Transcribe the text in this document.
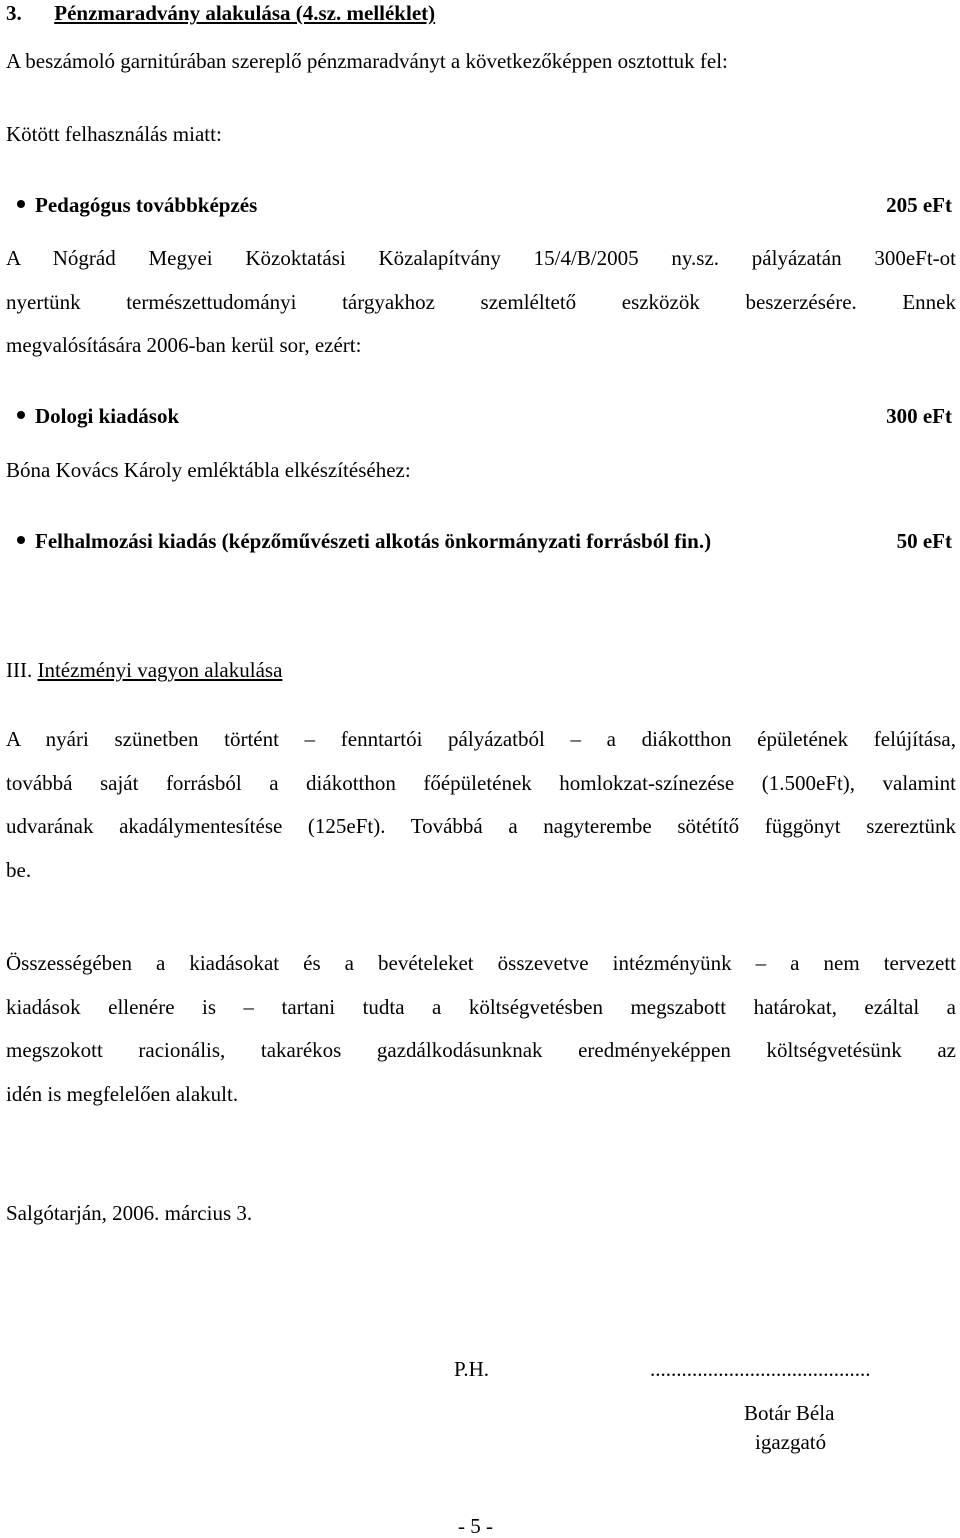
3. Pénzmaradvány alakulása (4.sz. melléklet)
A beszámoló garnitúrában szereplő pénzmaradványt a következőképpen osztottuk fel:
Kötött felhasználás miatt:
Pedagógus továbbképzés	205 eFt
A Nógrád Megyei Közoktatási Közalapítvány 15/4/B/2005 ny.sz. pályázatán 300eFt-ot
nyertünk természettudományi tárgyakhoz szemléltető eszközök beszerzésére. Ennek
megvalósítására 2006-ban kerül sor, ezért:
Dologi kiadások	300 eFt
Bóna Kovács Károly emléktábla elkészítéséhez:
Felhalmozási kiadás (képzőművészeti alkotás önkormányzati forrásból fin.)	50 eFt
III. Intézményi vagyon alakulása
A nyári szünetben történt – fenntartói pályázatból – a diákotthon épületének felújítása,
továbbá saját forrásból a diákotthon főépületének homlokzat-színezése (1.500eFt), valamint
udvarának akadálymentesítése (125eFt). Továbbá a nagyterembe sötétítő függönyt szereztünk
be.
Összességében a kiadásokat és a bevételeket összevetve intézményünk – a nem tervezett
kiadások ellenére is – tartani tudta a költségvetésben megszabott határokat, ezáltal a
megszokott racionális, takarékos gazdálkodásunknak eredményeképpen költségvetésünk az
idén is megfelelően alakult.
Salgótarján, 2006. március 3.
P.H.	..........................................
Botár Béla
igazgató
- 5 -
